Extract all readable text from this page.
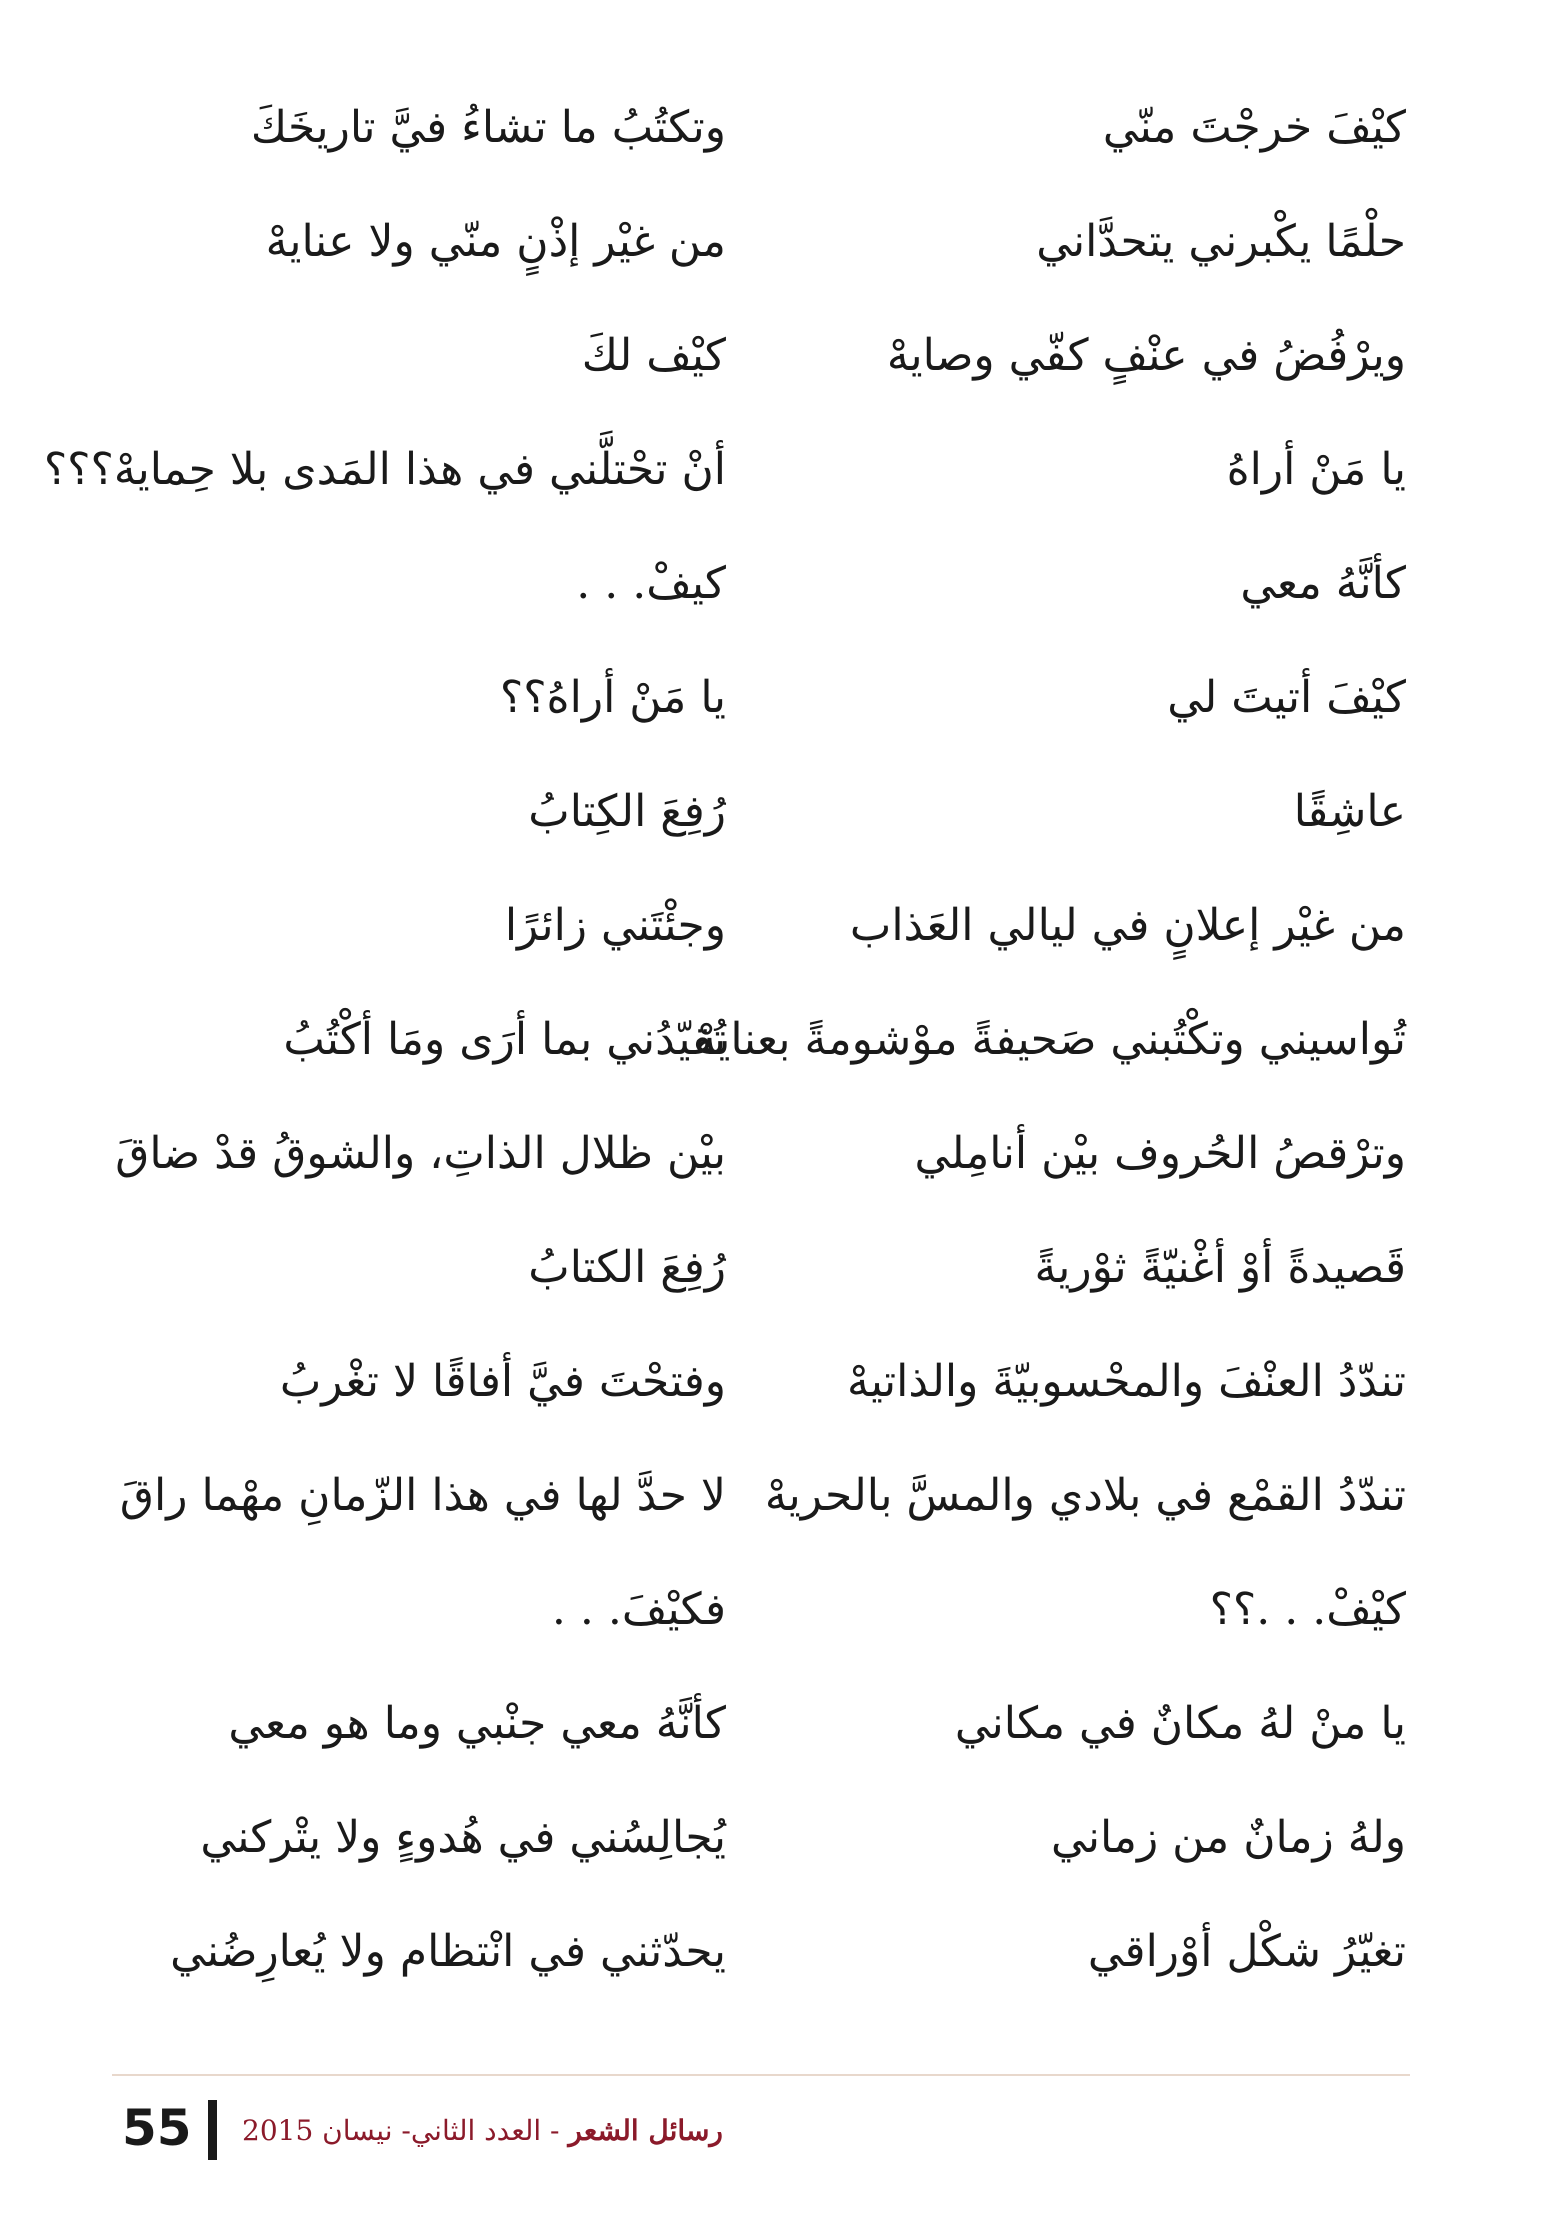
كيْفَ خرجْتَ منّي
وتكتُبُ ما تشاءُ فيَّ تاريخَكَ
حلْمًا يكْبرني يتحدَّاني
من غيْر إذْنٍ منّي ولا عنايهْ
ويرْفُضُ في عنْفٍ كفّي وصايهْ
كيْف لكَ
يا مَنْ أراهُ
أنْ تحْتلَّني في هذا المَدى بلا حِمايهْ؟؟؟
كأنَّهُ معي
كيفْ. . .
كيْفَ أتيتَ لي
يا مَنْ أراهُ؟؟
عاشِقًا
رُفِعَ الكِتابُ
من غيْر إعلانٍ في ليالي العَذاب
وجئْتَني زائرًا
تُواسيني وتكْتُبني صَحيفةً موْشومةً بعنايهْ
تُقيّدُني بما أرَى ومَا أكْتُبُ
وترْقصُ الحُروف بيْن أنامِلي
بيْن ظلال الذاتِ، والشوقُ قدْ ضاقَ
قَصيدةً أوْ أغْنيّةً ثوْريةً
رُفِعَ الكتابُ
تندّدُ العنْفَ والمحْسوبيّةَ والذاتيهْ
وفتحْتَ فيَّ أفاقًا لا تغْربُ
تندّدُ القمْع في بلادي والمسَّ بالحريهْ
لا حدَّ لها في هذا الزّمانِ مهْما راقَ
كيْفْ. . .؟؟
فكيْفَ. . .
يا منْ لهُ مكانٌ في مكاني
كأنَّهُ معي جنْبي وما هو معي
ولهُ زمانٌ من زماني
يُجالِسُني في هُدوءٍ ولا يتْركني
تغيّرُ شكْل أوْراقي
يحدّثني في انْتظام ولا يُعارِضُني
55	رسائل الشعر - العدد الثاني- نيسان 2015
